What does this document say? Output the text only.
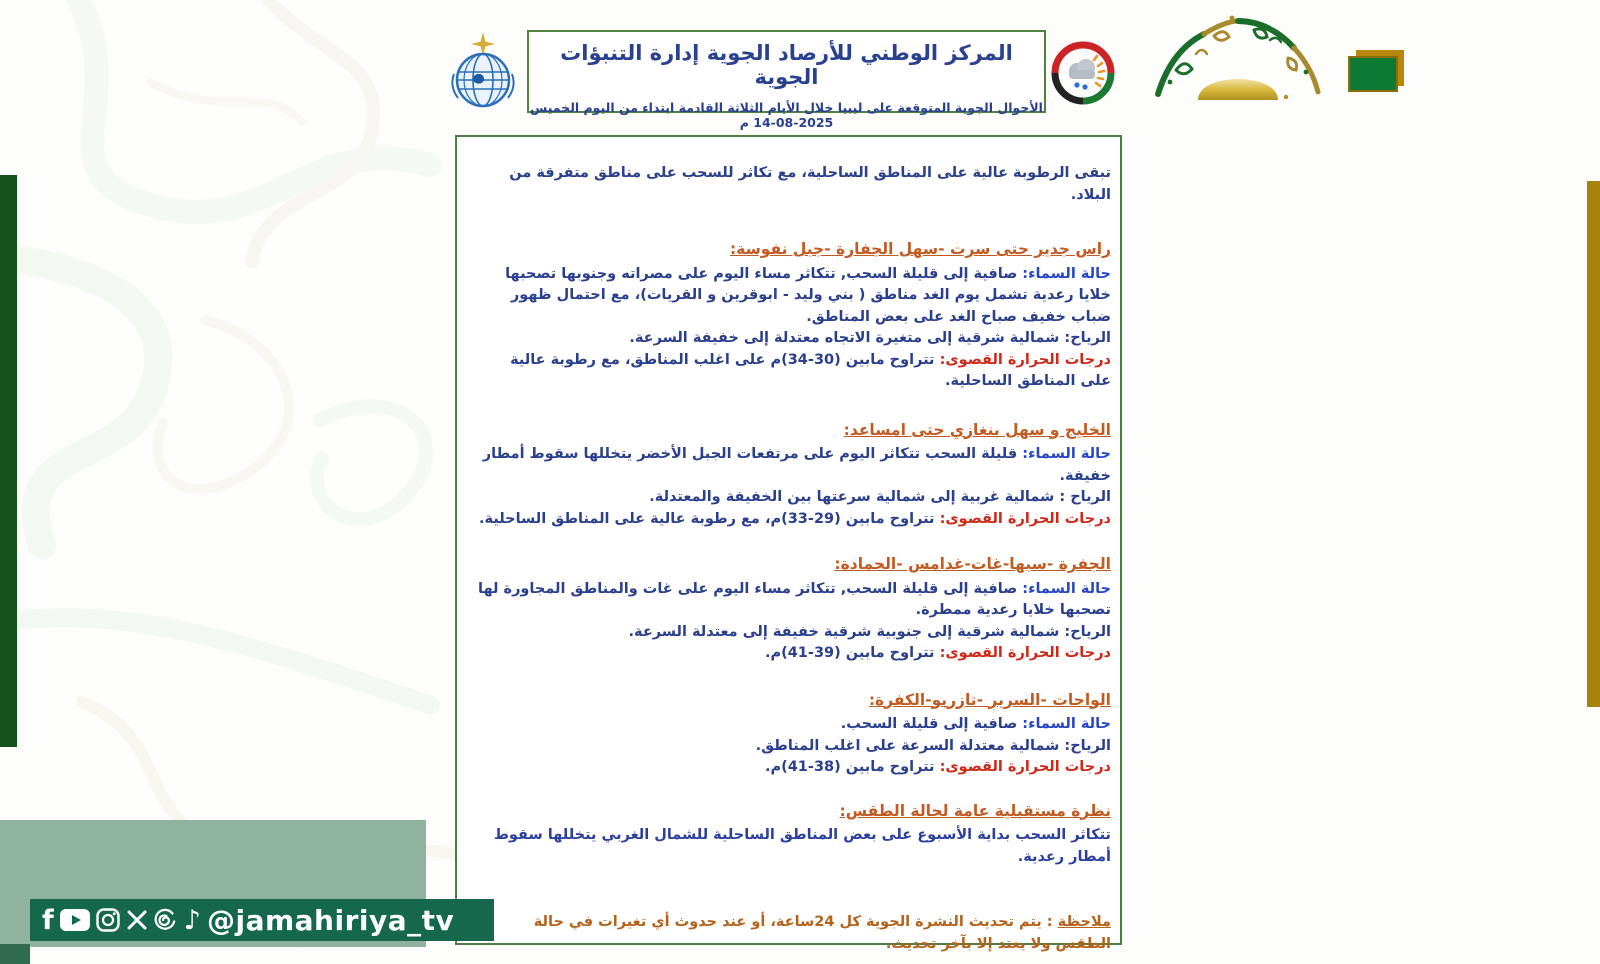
المركز الوطني للأرصاد الجوية إدارة التنبؤات الجوية
الأحوال الجوية المتوقعة على ليبيا خلال الأيام الثلاثة القادمة ابتداء من اليوم الخميس 2025-08-14 م

تبقى الرطوبة عالية على المناطق الساحلية، مع تكاثر للسحب على مناطق متفرقة من البلاد.

راس جدير حتى سرت -سهل الجفارة -جبل نفوسة:
حالة السماء: صافية إلى قليلة السحب, تتكاثر مساء اليوم على مصراته وجنوبها تصحبها خلايا رعدية تشمل يوم الغد مناطق ( بني وليد - ابوقرين و القريات)، مع احتمال ظهور ضباب خفيف صباح الغد على بعض المناطق.
الرياح: شمالية شرقية إلى متغيرة الاتجاه معتدلة إلى خفيفة السرعة.
درجات الحرارة القصوى: تتراوح مابين (30-34)م على اغلب المناطق، مع رطوبة عالية على المناطق الساحلية.
الخليج و سهل بنغازي حتى امساعد:
حالة السماء: قليلة السحب تتكاثر اليوم على مرتفعات الجبل الأخضر يتخللها سقوط أمطار خفيفة.
الرياح : شمالية غربية إلى شمالية سرعتها بين الخفيفة والمعتدلة.
درجات الحرارة القصوى: تتراوح مابين (29-33)م، مع رطوبة عالية على المناطق الساحلية.
الجفرة -سبها-غات-غدامس -الحمادة:
حالة السماء: صافية إلى قليلة السحب, تتكاثر مساء اليوم على غات والمناطق المجاورة لها تصحبها خلايا رعدية ممطرة.
الرياح: شمالية شرقية إلى جنوبية شرقية خفيفة إلى معتدلة السرعة.
درجات الحرارة القصوى: تتراوح مابين (39-41)م.
الواحات -السرير -تازربو-الكفرة:
حالة السماء: صافية إلى قليلة السحب.
الرياح: شمالية معتدلة السرعة على اغلب المناطق.
درجات الحرارة القصوى: تتراوح مابين (38-41)م.
نظرة مستقبلية عامة لحالة الطقس:
تتكاثر السحب بداية الأسبوع على بعض المناطق الساحلية للشمال الغربي يتخللها سقوط أمطار رعدية.

ملاحظة : يتم تحديث النشرة الجوية كل 24ساعة، أو عند حدوث أي تغيرات في حالة الطقس ولا يعتد إلا بآخر تحديث.

f	♪ @jamahiriya_tv
